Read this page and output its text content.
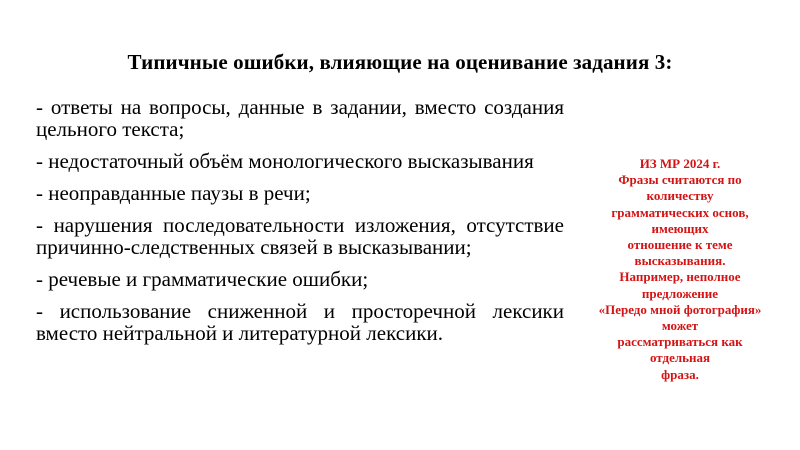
Типичные ошибки, влияющие на оценивание задания 3:
- ответы на вопросы, данные в задании, вместо создания цельного текста;
- недостаточный объём монологического высказывания
- неоправданные паузы в речи;
- нарушения последовательности изложения, отсутствие причинно-следственных связей в высказывании;
- речевые и грамматические ошибки;
- использование сниженной и просторечной лексики вместо нейтральной и литературной лексики.
ИЗ МР 2024 г.
Фразы считаются по
количеству
грамматических основ,
имеющих
отношение к теме
высказывания.
Например, неполное
предложение
«Передо мной фотография»
может
рассматриваться как
отдельная
фраза.
